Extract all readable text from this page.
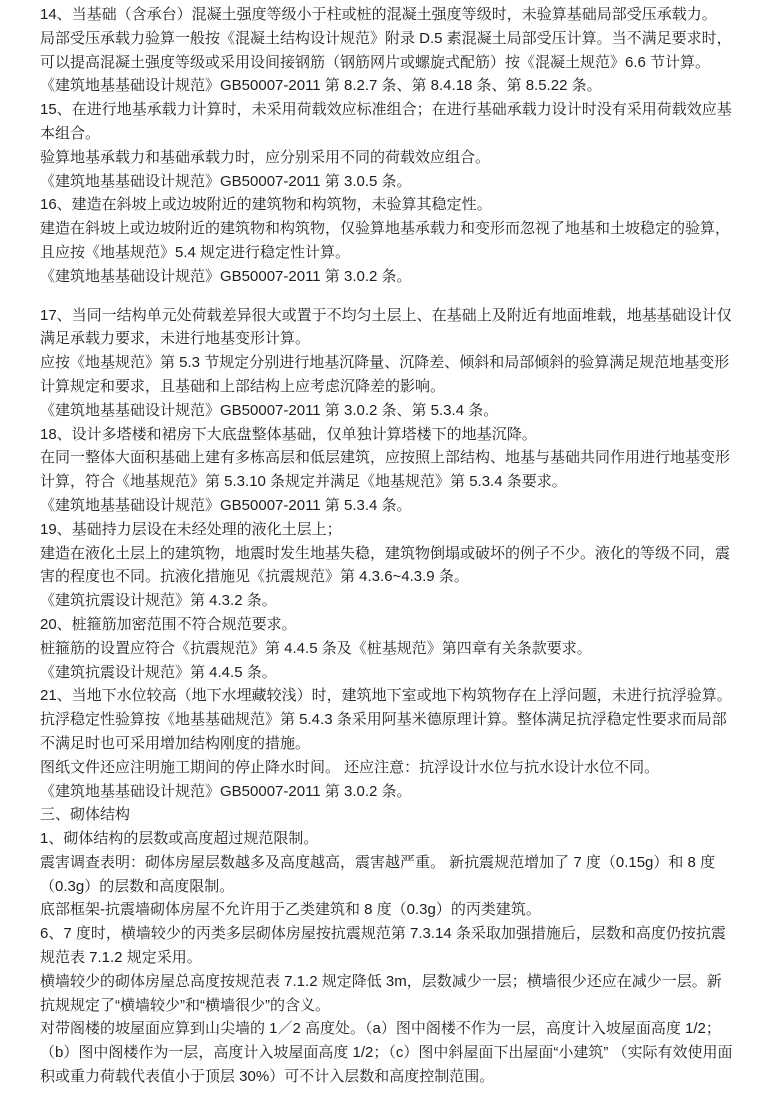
14、当基础（含承台）混凝土强度等级小于柱或桩的混凝土强度等级时，未验算基础局部受压承载力。
局部受压承载力验算一般按《混凝土结构设计规范》附录 D.5 素混凝土局部受压计算。当不满足要求时，可以提高混凝土强度等级或采用设间接钢筋（钢筋网片或螺旋式配筋）按《混凝土规范》6.6 节计算。
《建筑地基基础设计规范》GB50007-2011 第 8.2.7 条、第 8.4.18 条、第 8.5.22 条。
15、在进行地基承载力计算时，未采用荷载效应标准组合；在进行基础承载力设计时没有采用荷载效应基本组合。
验算地基承载力和基础承载力时，应分别采用不同的荷载效应组合。
《建筑地基基础设计规范》GB50007-2011 第 3.0.5 条。
16、建造在斜坡上或边坡附近的建筑物和构筑物，未验算其稳定性。
建造在斜坡上或边坡附近的建筑物和构筑物，仅验算地基承载力和变形而忽视了地基和土坡稳定的验算，且应按《地基规范》5.4 规定进行稳定性计算。
《建筑地基基础设计规范》GB50007-2011 第 3.0.2 条。
17、当同一结构单元处荷载差异很大或置于不均匀土层上、在基础上及附近有地面堆载，地基基础设计仅满足承载力要求，未进行地基变形计算。
应按《地基规范》第 5.3 节规定分别进行地基沉降量、沉降差、倾斜和局部倾斜的验算满足规范地基变形计算规定和要求，且基础和上部结构上应考虑沉降差的影响。
《建筑地基基础设计规范》GB50007-2011 第 3.0.2 条、第 5.3.4 条。
18、设计多塔楼和裙房下大底盘整体基础，仅单独计算塔楼下的地基沉降。
在同一整体大面积基础上建有多栋高层和低层建筑，应按照上部结构、地基与基础共同作用进行地基变形计算，符合《地基规范》第 5.3.10 条规定并满足《地基规范》第 5.3.4 条要求。
《建筑地基基础设计规范》GB50007-2011 第 5.3.4 条。
19、基础持力层设在未经处理的液化土层上；
建造在液化土层上的建筑物，地震时发生地基失稳，建筑物倒塌或破坏的例子不少。液化的等级不同，震害的程度也不同。抗液化措施见《抗震规范》第 4.3.6~4.3.9 条。
《建筑抗震设计规范》第 4.3.2 条。
20、桩箍筋加密范围不符合规范要求。
桩箍筋的设置应符合《抗震规范》第 4.4.5 条及《桩基规范》第四章有关条款要求。
《建筑抗震设计规范》第 4.4.5 条。
21、当地下水位较高（地下水埋藏较浅）时，建筑地下室或地下构筑物存在上浮问题，未进行抗浮验算。
抗浮稳定性验算按《地基基础规范》第 5.4.3 条采用阿基米德原理计算。整体满足抗浮稳定性要求而局部不满足时也可采用增加结构刚度的措施。
图纸文件还应注明施工期间的停止降水时间。 还应注意：抗浮设计水位与抗水设计水位不同。
《建筑地基基础设计规范》GB50007-2011 第 3.0.2 条。
三、砌体结构
1、砌体结构的层数或高度超过规范限制。
震害调查表明：砌体房屋层数越多及高度越高，震害越严重。 新抗震规范增加了 7 度（0.15g）和 8 度（0.3g）的层数和高度限制。
底部框架-抗震墙砌体房屋不允许用于乙类建筑和 8 度（0.3g）的丙类建筑。
6、7 度时，横墙较少的丙类多层砌体房屋按抗震规范第 7.3.14 条采取加强措施后，层数和高度仍按抗震规范表 7.1.2 规定采用。
横墙较少的砌体房屋总高度按规范表 7.1.2 规定降低 3m，层数减少一层；横墙很少还应在减少一层。新抗规规定了“横墙较少”和“横墙很少”的含义。
对带阁楼的坡屋面应算到山尖墙的 1／2 高度处。（a）图中阁楼不作为一层，高度计入坡屋面高度 1/2；（b）图中阁楼作为一层，高度计入坡屋面高度 1/2；（c）图中斜屋面下出屋面“小建筑” （实际有效使用面积或重力荷载代表值小于顶层 30%）可不计入层数和高度控制范围。
